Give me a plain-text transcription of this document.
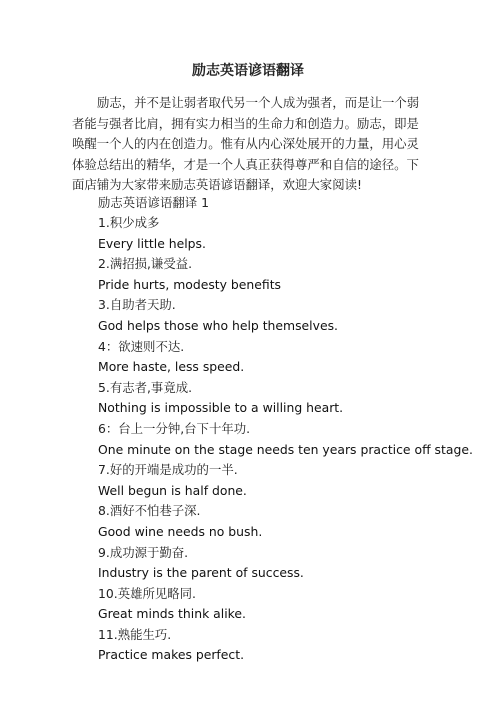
励志英语谚语翻译

励志，并不是让弱者取代另一个人成为强者，而是让一个弱者能与强者比肩，拥有实力相当的生命力和创造力。励志，即是唤醒一个人的内在创造力。惟有从内心深处展开的力量，用心灵体验总结出的精华，才是一个人真正获得尊严和自信的途径。下面店铺为大家带来励志英语谚语翻译，欢迎大家阅读!

励志英语谚语翻译 1
1.积少成多
Every little helps.
2.满招损,谦受益.
Pride hurts, modesty benefits
3.自助者天助.
God helps those who help themselves.
4：欲速则不达.
More haste, less speed.
5.有志者,事竟成.
Nothing is impossible to a willing heart.
6：台上一分钟,台下十年功.
One minute on the stage needs ten years practice off stage.
7.好的开端是成功的一半.
Well begun is half done.
8.酒好不怕巷子深.
Good wine needs no bush.
9.成功源于勤奋.
Industry is the parent of success.
10.英雄所见略同.
Great minds think alike.
11.熟能生巧.
Practice makes perfect.
